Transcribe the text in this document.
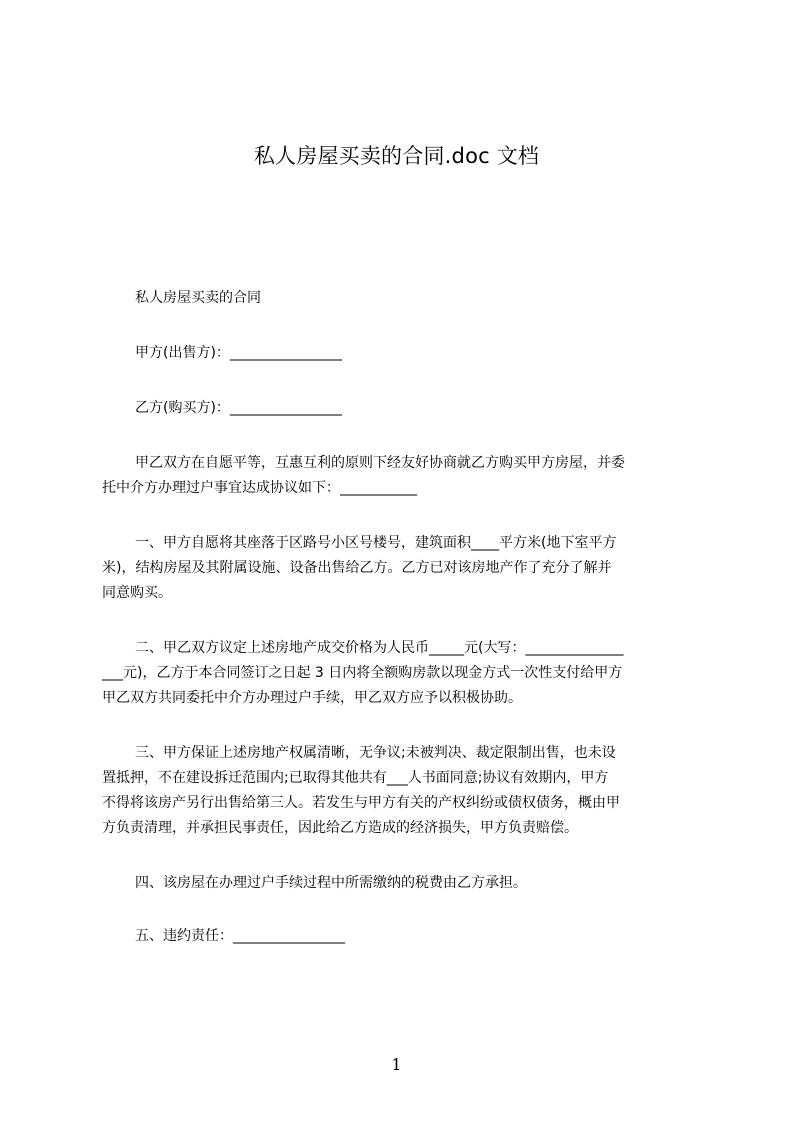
私人房屋买卖的合同.doc 文档
私人房屋买卖的合同
甲方(出售方)：________________
乙方(购买方)：________________
甲乙双方在自愿平等，互惠互利的原则下经友好协商就乙方购买甲方房屋，并委
托中介方办理过户事宜达成协议如下：___________
一、甲方自愿将其座落于区路号小区号楼号，建筑面积____平方米(地下室平方
米)，结构房屋及其附属设施、设备出售给乙方。乙方已对该房地产作了充分了解并
同意购买。
二、甲乙双方议定上述房地产成交价格为人民币_____元(大写：______________
___元)，乙方于本合同签订之日起 3 日内将全额购房款以现金方式一次性支付给甲方
甲乙双方共同委托中介方办理过户手续，甲乙双方应予以积极协助。
三、甲方保证上述房地产权属清晰，无争议;未被判决、裁定限制出售，也未设
置抵押，不在建设拆迁范围内;已取得其他共有___人书面同意;协议有效期内，甲方
不得将该房产另行出售给第三人。若发生与甲方有关的产权纠纷或债权债务，概由甲
方负责清理，并承担民事责任，因此给乙方造成的经济损失，甲方负责赔偿。
四、该房屋在办理过户手续过程中所需缴纳的税费由乙方承担。
五、违约责任：________________
1
